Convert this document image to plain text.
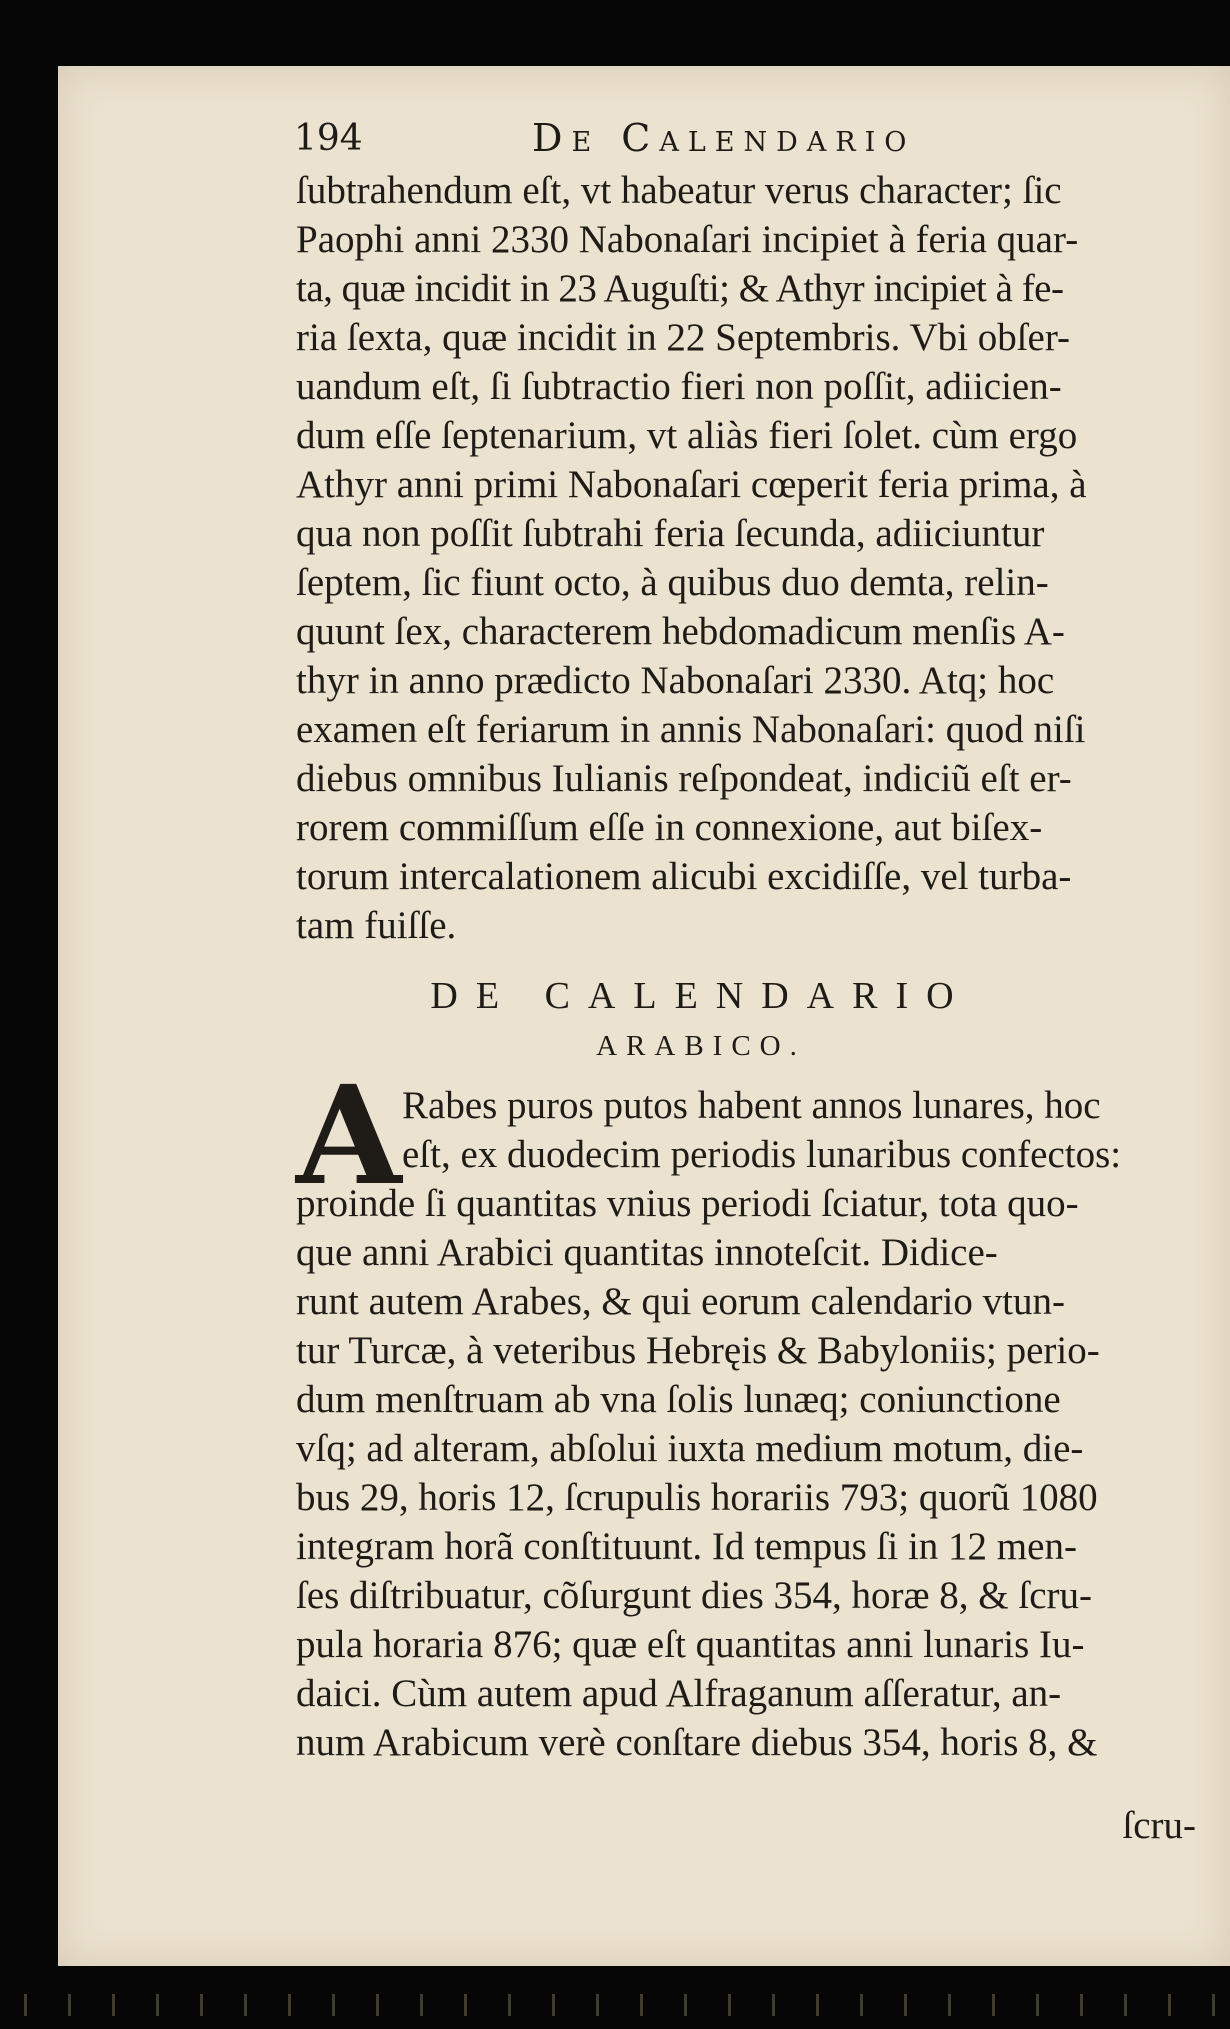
194	De Calendario
ſubtrahendum eſt, vt habeatur verus character; ſic
Paophi anni 2330 Nabonaſari incipiet à feria quar-
ta, quæ incidit in 23 Auguſti; & Athyr incipiet à fe-
ria ſexta, quæ incidit in 22 Septembris. Vbi obſer-
uandum eſt, ſi ſubtractio fieri non poſſit, adiicien-
dum eſſe ſeptenarium, vt aliàs fieri ſolet. cùm ergo
Athyr anni primi Nabonaſari cœperit feria prima, à
qua non poſſit ſubtrahi feria ſecunda, adiiciuntur
ſeptem, ſic fiunt octo, à quibus duo demta, relin-
quunt ſex, characterem hebdomadicum menſis A-
thyr in anno prædicto Nabonaſari 2330. Atq; hoc
examen eſt feriarum in annis Nabonaſari: quod niſi
diebus omnibus Iulianis reſpondeat, indiciũ eſt er-
rorem commiſſum eſſe in connexione, aut biſex-
torum intercalationem alicubi excidiſſe, vel turba-
tam fuiſſe.
DE CALENDARIO
ARABICO.
A Rabes puros putos habent annos lunares, hoc
eſt, ex duodecim periodis lunaribus confectos:
proinde ſi quantitas vnius periodi ſciatur, tota quo-
que anni Arabici quantitas innoteſcit. Didice-
runt autem Arabes, & qui eorum calendario vtun-
tur Turcæ, à veteribus Hebręis & Babyloniis; perio-
dum menſtruam ab vna ſolis lunæq; coniunctione
vſq; ad alteram, abſolui iuxta medium motum, die-
bus 29, horis 12, ſcrupulis horariis 793; quorũ 1080
integram horã conſtituunt. Id tempus ſi in 12 men-
ſes diſtribuatur, cõſurgunt dies 354, horæ 8, & ſcru-
pula horaria 876; quæ eſt quantitas anni lunaris Iu-
daici. Cùm autem apud Alfraganum aſſeratur, an-
num Arabicum verè conſtare diebus 354, horis 8, &
ſcru-
